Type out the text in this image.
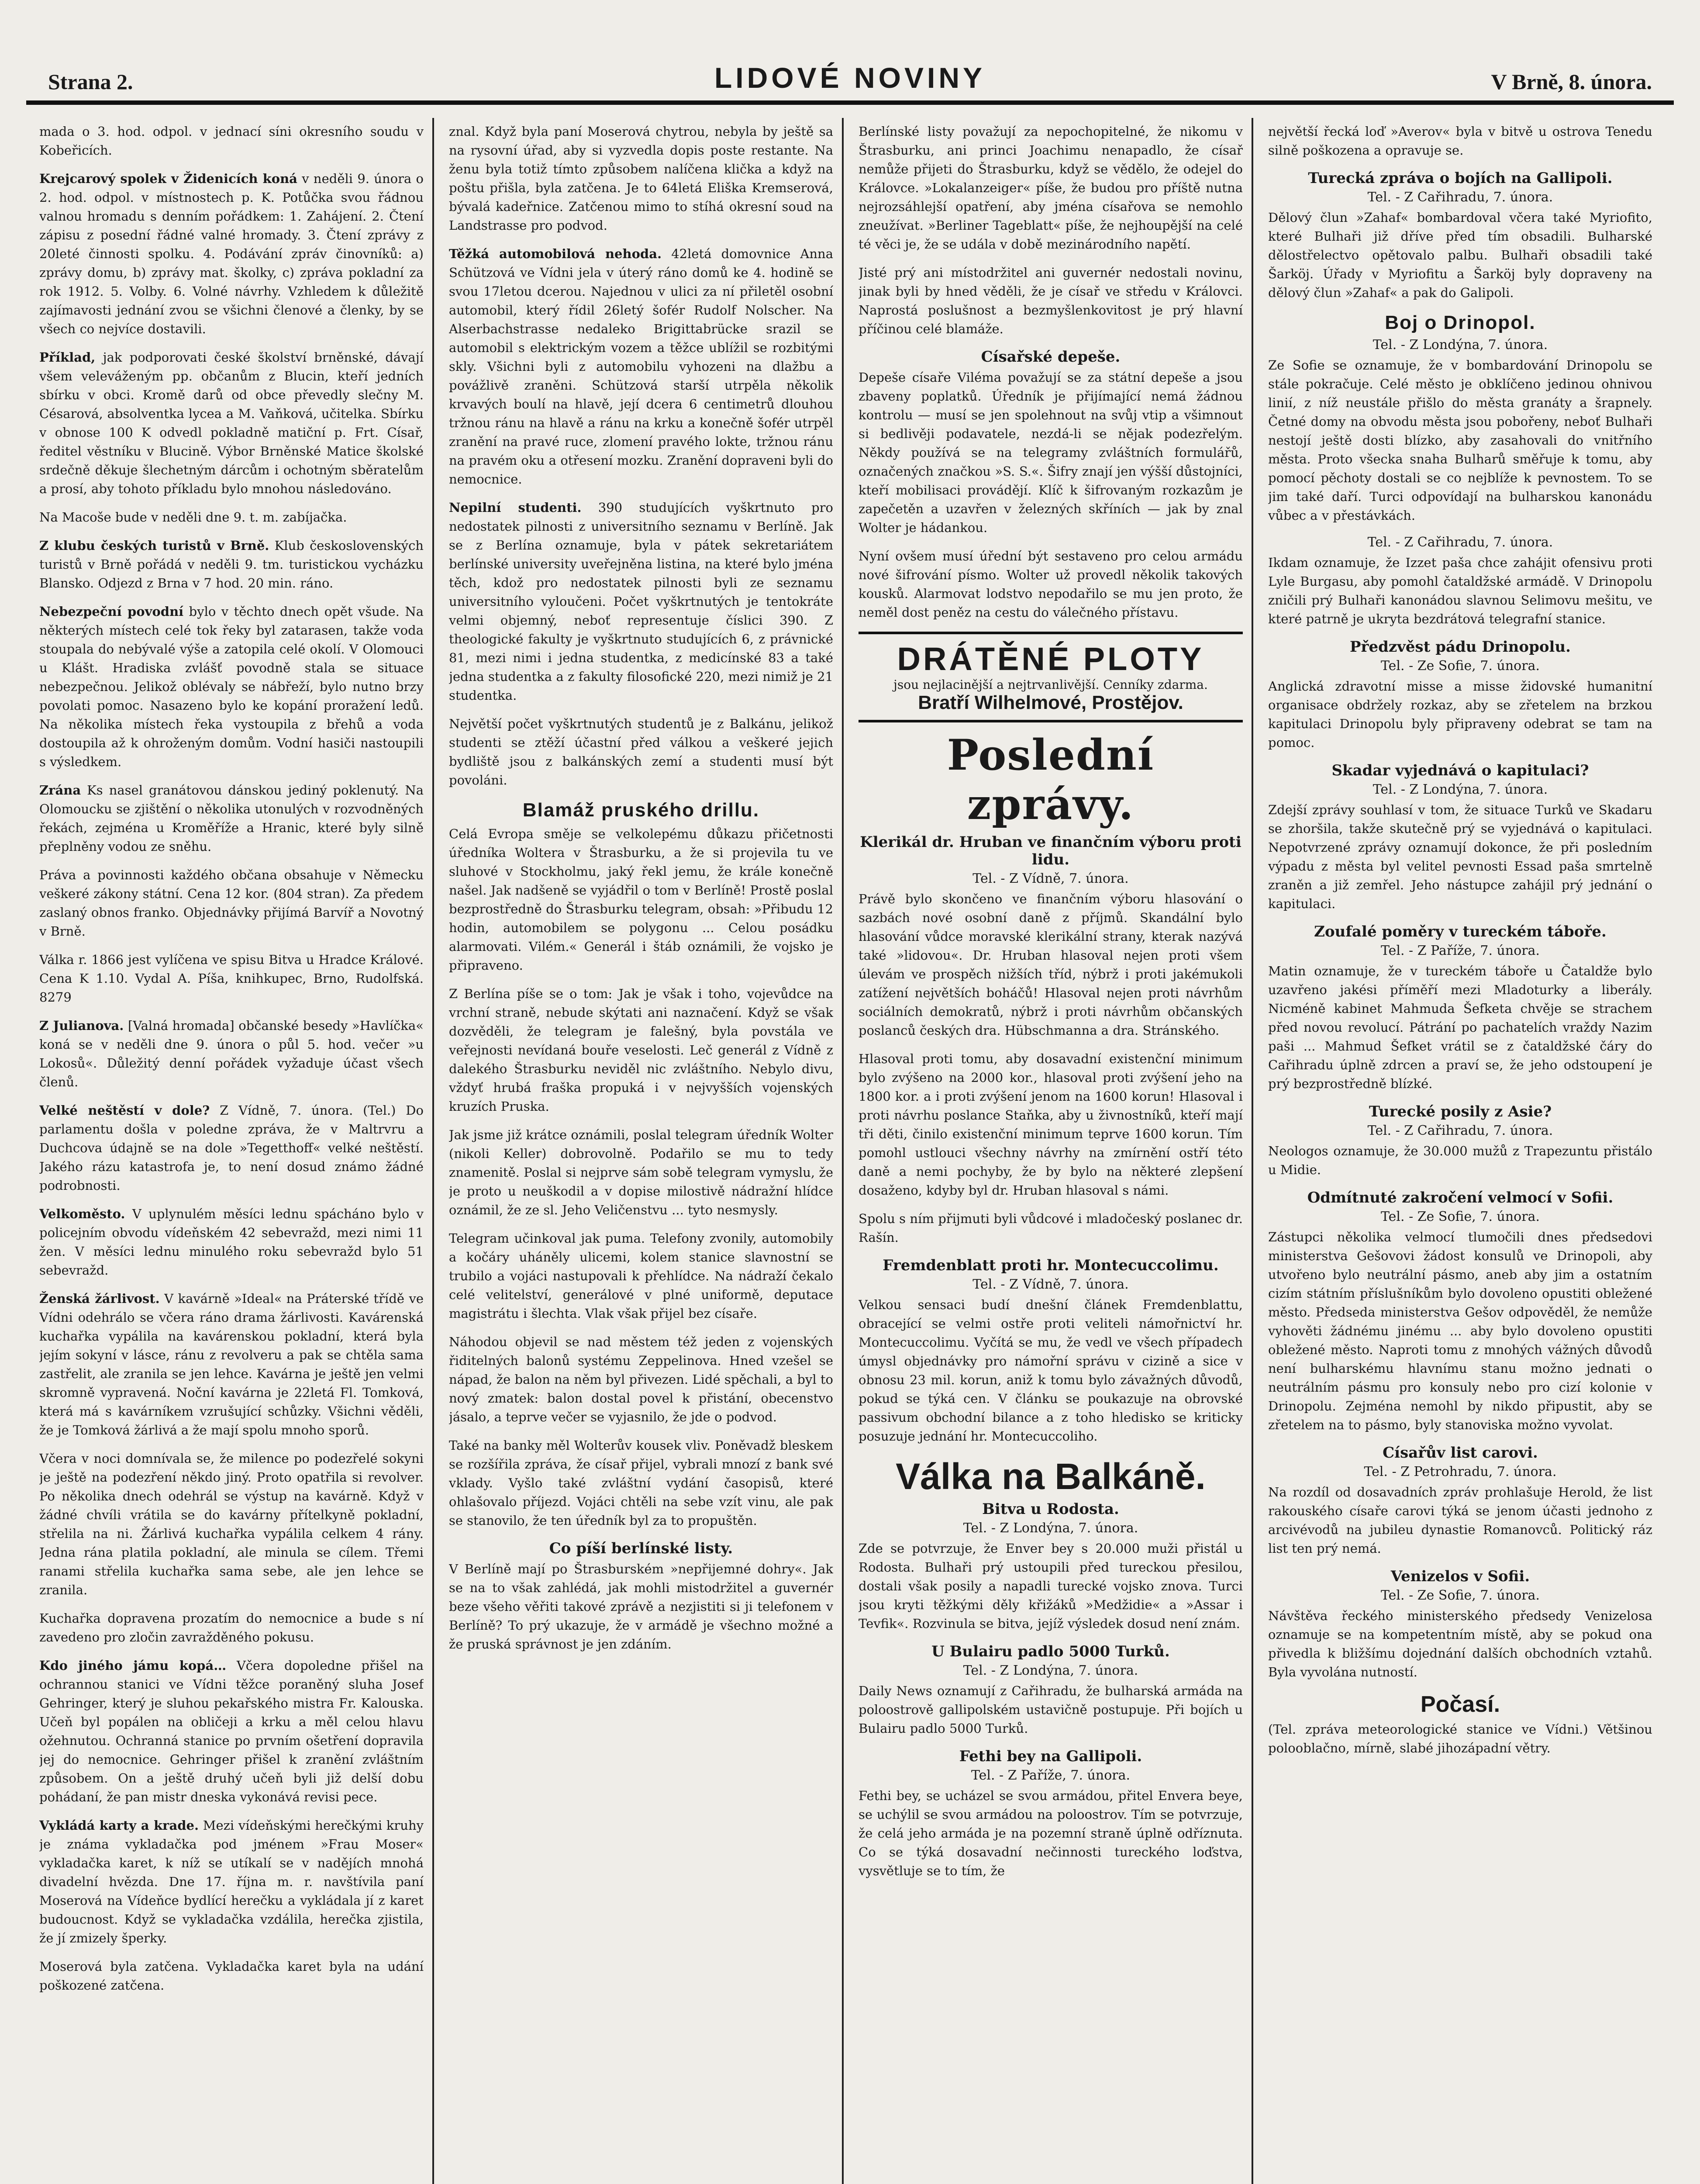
Strana 2.	LIDOVÉ NOVINY	V Brně, 8. února.

mada o 3. hod. odpol. v jednací síni okresního soudu v Kobeřicích.

Krejcarový spolek v Židenicích koná v neděli 9. února o 2. hod. odpol. v místnostech p. K. Potůčka svou řádnou valnou hromadu s denním pořádkem: 1. Zahájení. 2. Čtení zápisu z posední řádné valné hromady. 3. Čtení zprávy z 20leté činnosti spolku. 4. Podávání zpráv činovníků: a) zprávy domu, b) zprávy mat. školky, c) zpráva pokladní za rok 1912. 5. Volby. 6. Volné návrhy. Vzhledem k důležitě zajímavosti jednání zvou se všichni členové a členky, by se všech co nejvíce dostavili.

Příklad, jak podporovati české školství brněnské, dávají všem veleváženým pp. občanům z Blucin, kteří jedních sbírku v obci. Kromě darů od obce převedly slečny M. Césarová, absolventka lycea a M. Vaňková, učitelka. Sbírku v obnose 100 K odvedl pokladně matiční p. Frt. Císař, ředitel věstníku v Blucině. Výbor Brněnské Matice školské srdečně děkuje šlechetným dárcům i ochotným sběratelům a prosí, aby tohoto příkladu bylo mnohou následováno.

Na Macoše bude v neděli dne 9. t. m. zabíjačka.

Z klubu českých turistů v Brně. Klub československých turistů v Brně pořádá v neděli 9. tm. turistickou vycházku Blansko. Odjezd z Brna v 7 hod. 20 min. ráno.

Nebezpeční povodní bylo v těchto dnech opět všude. Na některých místech celé tok řeky byl zatarasen, takže voda stoupala do nebývalé výše a zatopila celé okolí. V Olomouci u Klášt. Hradiska zvlášť povodně stala se situace nebezpečnou. Jelikož oblévaly se nábřeží, bylo nutno brzy povolati pomoc. Nasazeno bylo ke kopání proražení ledů. Na několika místech řeka vystoupila z břehů a voda dostoupila až k ohroženým domům. Vodní hasiči nastoupili s výsledkem.

Zrána Ks nasel granátovou dánskou jediný poklenutý. Na Olomoucku se zjištění o několika utonulých v rozvodněných řekách, zejména u Kroměříže a Hranic, které byly silně přeplněny vodou ze sněhu.

Práva a povinnosti každého občana obsahuje v Německu veškeré zákony státní. Cena 12 kor. (804 stran). Za předem zaslaný obnos franko. Objednávky přijímá Barvíř a Novotný v Brně.

Válka r. 1866 jest vylíčena ve spisu Bitva u Hradce Králové. Cena K 1.10. Vydal A. Píša, knihkupec, Brno, Rudolfská. 8279

Z Julianova. [Valná hromada] občanské besedy »Havlíčka« koná se v neděli dne 9. února o půl 5. hod. večer »u Lokosů«. Důležitý denní pořádek vyžaduje účast všech členů.

Velké neštěstí v dole? Z Vídně, 7. února. (Tel.) Do parlamentu došla v poledne zpráva, že v Maltrvru a Duchcova údajně se na dole »Tegetthoff« velké neštěstí. Jakého rázu katastrofa je, to není dosud známo žádné podrobnosti.

Velkoměsto. V uplynulém měsíci lednu spácháno bylo v policejním obvodu vídeňském 42 sebevražd, mezi nimi 11 žen. V měsíci lednu minulého roku sebevražd bylo 51 sebevražd.

Ženská žárlivost. V kavárně »Ideal« na Práterské třídě ve Vídni odehrálo se včera ráno drama žárlivosti. Kavárenská kuchařka vypálila na kavárenskou pokladní, která byla jejím sokyní v lásce, ránu z revolveru a pak se chtěla sama zastřelit, ale zranila se jen lehce. Kavárna je ještě jen velmi skromně vypravená. Noční kavárna je 22letá Fl. Tomková, která má s kavárníkem vzrušující schůzky. Všichni věděli, že je Tomková žárlivá a že mají spolu mnoho sporů.

Včera v noci domnívala se, že milence po podezřelé sokyni je ještě na podezření někdo jiný. Proto opatřila si revolver. Po několika dnech odehrál se výstup na kavárně. Když v žádné chvíli vrátila se do kavárny přítelkyně pokladní, střelila na ni. Žárlivá kuchařka vypálila celkem 4 rány. Jedna rána platila pokladní, ale minula se cílem. Třemi ranami střelila kuchařka sama sebe, ale jen lehce se zranila.

Kuchařka dopravena prozatím do nemocnice a bude s ní zavedeno pro zločin zavražděného pokusu.

Kdo jiného jámu kopá… Včera dopoledne přišel na ochrannou stanici ve Vídni těžce poraněný sluha Josef Gehringer, který je sluhou pekařského mistra Fr. Kalouska. Učeň byl popálen na obličeji a krku a měl celou hlavu ožehnutou. Ochranná stanice po prvním ošetření dopravila jej do nemocnice. Gehringer přišel k zranění zvláštním způsobem. On a ještě druhý učeň byli již delší dobu pohádaní, že pan mistr dneska vykonává revisi pece.

Vykládá karty a krade. Mezi vídeňskými herečkými kruhy je známa vykladačka pod jménem »Frau Moser« vykladačka karet, k níž se utíkalí se v nadějích mnohá divadelní hvězda. Dne 17. října m. r. navštívila paní Moserová na Vídeňce bydlící herečku a vykládala jí z karet budoucnost. Když se vykladačka vzdálila, herečka zjistila, že jí zmizely šperky.

Moserová byla zatčena. Vykladačka karet byla na udání poškozené zatčena.

znal. Když byla paní Moserová chytrou, nebyla by ještě sa na rysovní úřad, aby si vyzvedla dopis poste restante. Na ženu byla totiž tímto způsobem nalíčena klička a když na poštu přišla, byla zatčena. Je to 64letá Eliška Kremserová, bývalá kadeřnice. Zatčenou mimo to stíhá okresní soud na Landstrasse pro podvod.

Těžká automobilová nehoda. 42letá domovnice Anna Schützová ve Vídni jela v úterý ráno domů ke 4. hodině se svou 17letou dcerou. Najednou v ulici za ní přiletěl osobní automobil, který řídil 26letý šofér Rudolf Nolscher. Na Alserbachstrasse nedaleko Brigittabrücke srazil se automobil s elektrickým vozem a těžce ublížil se rozbitými skly. Všichni byli z automobilu vyhozeni na dlažbu a povážlivě zraněni. Schützová starší utrpěla několik krvavých boulí na hlavě, její dcera 6 centimetrů dlouhou tržnou ránu na hlavě a ránu na krku a konečně šofér utrpěl zranění na pravé ruce, zlomení pravého lokte, tržnou ránu na pravém oku a otřesení mozku. Zranění dopraveni byli do nemocnice.

Nepilní studenti. 390 studujících vyškrtnuto pro nedostatek pilnosti z universitního seznamu v Berlíně. Jak se z Berlína oznamuje, byla v pátek sekretariátem berlínské university uveřejněna listina, na které bylo jména těch, kdož pro nedostatek pilnosti byli ze seznamu universitního vyloučeni. Počet vyškrtnutých je tentokráte velmi objemný, neboť representuje číslici 390. Z theologické fakulty je vyškrtnuto studujících 6, z právnické 81, mezi nimi i jedna studentka, z medicínské 83 a také jedna studentka a z fakulty filosofické 220, mezi nimiž je 21 studentka.

Největší počet vyškrtnutých studentů je z Balkánu, jelikož studenti se ztěží účastní před válkou a veškeré jejich bydliště jsou z balkánských zemí a studenti musí být povoláni.

Blamáž pruského drillu.

Celá Evropa směje se velkolepému důkazu přičetnosti úředníka Woltera v Štrasburku, a že si projevila tu ve sluhové v Stockholmu, jaký řekl jemu, že krále konečně našel. Jak nadšeně se vyjádřil o tom v Berlíně! Prostě poslal bezprostředně do Štrasburku telegram, obsah: »Přibudu 12 hodin, automobilem se polygonu ... Celou posádku alarmovati. Vilém.« Generál i štáb oznámili, že vojsko je připraveno.

Z Berlína píše se o tom: Jak je však i toho, vojevůdce na vrchní straně, nebude skýtati ani naznačení. Když se však dozvěděli, že telegram je falešný, byla povstála ve veřejnosti nevídaná bouře veselosti. Leč generál z Vídně z dalekého Štrasburku neviděl nic zvláštního. Nebylo divu, vždyť hrubá fraška propuká i v nejvyšších vojenských kruzích Pruska.

Jak jsme již krátce oznámili, poslal telegram úředník Wolter (nikoli Keller) dobrovolně. Podařilo se mu to tedy znamenitě. Poslal si nejprve sám sobě telegram vymyslu, že je proto u neuškodil a v dopise milostivě nádražní hlídce oznámil, že ze sl. Jeho Veličenstvu ... tyto nesmysly.

Telegram učinkoval jak puma. Telefony zvonily, automobily a kočáry uháněly ulicemi, kolem stanice slavnostní se trubilo a vojáci nastupovali k přehlídce. Na nádraží čekalo celé velitelství, generálové v plné uniformě, deputace magistrátu i šlechta. Vlak však přijel bez císaře.

Náhodou objevil se nad městem též jeden z vojenských řiditelných balonů systému Zeppelinova. Hned vzešel se nápad, že balon na něm byl přivezen. Lidé spěchali, a byl to nový zmatek: balon dostal povel k přistání, obecenstvo jásalo, a teprve večer se vyjasnilo, že jde o podvod.

Také na banky měl Wolterův kousek vliv. Poněvadž bleskem se rozšířila zpráva, že císař přijel, vybrali mnozí z bank své vklady. Vyšlo také zvláštní vydání časopisů, které ohlašovalo příjezd. Vojáci chtěli na sebe vzít vinu, ale pak se stanovilo, že ten úředník byl za to propuštěn.

Co píší berlínské listy.

V Berlíně mají po Štrasburském »nepřijemné dohry«. Jak se na to však zahlédá, jak mohli mistodržitel a guvernér beze všeho věřiti takové zprávě a nezjistiti si ji telefonem v Berlíně? To prý ukazuje, že v armádě je všechno možné a že pruská správnost je jen zdáním.

Berlínské listy považují za nepochopitelné, že nikomu v Štrasburku, ani princi Joachimu nenapadlo, že císař nemůže přijeti do Štrasburku, když se vědělo, že odejel do Královce. »Lokalanzeiger« píše, že budou pro příště nutna nejrozsáhlejší opatření, aby jména císařova se nemohlo zneužívat. »Berliner Tageblatt« píše, že nejhoupější na celé té věci je, že se udála v době mezinárodního napětí.

Jisté prý ani místodržitel ani guvernér nedostali novinu, jinak byli by hned věděli, že je císař ve středu v Královci. Naprostá poslušnost a bezmyšlenkovitost je prý hlavní příčinou celé blamáže.

Císařské depeše.

Depeše císaře Viléma považují se za státní depeše a jsou zbaveny poplatků. Úředník je přijímající nemá žádnou kontrolu — musí se jen spolehnout na svůj vtip a všimnout si bedlivěji podavatele, nezdá-li se nějak podezřelým. Někdy používá se na telegramy zvláštních formulářů, označených značkou »S. S.«. Šifry znají jen výšší důstojníci, kteří mobilisaci provádějí. Klíč k šifrovaným rozkazům je zapečetěn a uzavřen v železných skříních — jak by znal Wolter je hádankou.

Nyní ovšem musí úřední být sestaveno pro celou armádu nové šifrování písmo. Wolter už provedl několik takových kousků. Alarmovat lodstvo nepodařilo se mu jen proto, že neměl dost peněz na cestu do válečného přístavu.

DRÁTĚNÉ PLOTY
jsou nejlacinější a nejtrvanlivější. Cenníky zdarma.
Bratří Wilhelmové, Prostějov.
Poslední zprávy.
Klerikál dr. Hruban ve finančním výboru proti lidu.
Tel. - Z Vídně, 7. února.

Právě bylo skončeno ve finančním výboru hlasování o sazbách nové osobní daně z příjmů. Skandální bylo hlasování vůdce moravské klerikální strany, kterak nazývá také »lidovou«. Dr. Hruban hlasoval nejen proti všem úlevám ve prospěch nižších tříd, nýbrž i proti jakémukoli zatížení největších boháčů! Hlasoval nejen proti návrhům sociálních demokratů, nýbrž i proti návrhům občanských poslanců českých dra. Hübschmanna a dra. Stránského.

Hlasoval proti tomu, aby dosavadní existenční minimum bylo zvýšeno na 2000 kor., hlasoval proti zvýšení jeho na 1800 kor. a i proti zvýšení jenom na 1600 korun! Hlasoval i proti návrhu poslance Staňka, aby u živnostníků, kteří mají tři děti, činilo existenční minimum teprve 1600 korun. Tím pomohl ustlouci všechny návrhy na zmírnění ostří této daně a nemi pochyby, že by bylo na některé zlepšení dosaženo, kdyby byl dr. Hruban hlasoval s námi.

Spolu s ním přijmuti byli vůdcové i mladočeský poslanec dr. Rašín.

Fremdenblatt proti hr. Montecuccolimu.
Tel. - Z Vídně, 7. února.

Velkou sensaci budí dnešní článek Fremdenblattu, obracející se velmi ostře proti veliteli námořnictví hr. Montecuccolimu. Vyčítá se mu, že vedl ve všech případech úmysl objednávky pro námořní správu v cizině a sice v obnosu 23 mil. korun, aniž k tomu bylo závažných důvodů, pokud se týká cen. V článku se poukazuje na obrovské passivum obchodní bilance a z toho hledisko se kriticky posuzuje jednání hr. Montecuccoliho.

Válka na Balkáně.
Bitva u Rodosta.
Tel. - Z Londýna, 7. února.

Zde se potvrzuje, že Enver bey s 20.000 muži přistál u Rodosta. Bulhaři prý ustoupili před tureckou přesilou, dostali však posily a napadli turecké vojsko znova. Turci jsou kryti těžkými děly křižáků »Medžidie« a »Assar i Tevfik«. Rozvinula se bitva, jejíž výsledek dosud není znám.

U Bulairu padlo 5000 Turků.
Tel. - Z Londýna, 7. února.

Daily News oznamují z Cařihradu, že bulharská armáda na poloostrově gallipolském ustavičně postupuje. Při bojích u Bulairu padlo 5000 Turků.

Fethi bey na Gallipoli.
Tel. - Z Paříže, 7. února.

Fethi bey, se ucházel se svou armádou, přitel Envera beye, se uchýlil se svou armádou na poloostrov. Tím se potvrzuje, že celá jeho armáda je na pozemní straně úplně odříznuta. Co se týká dosavadní nečinnosti tureckého loďstva, vysvětluje se to tím, že

největší řecká loď »Averov« byla v bitvě u ostrova Tenedu silně poškozena a opravuje se.

Turecká zpráva o bojích na Gallipoli.
Tel. - Z Cařihradu, 7. února.

Dělový člun »Zahaf« bombardoval včera také Myriofito, které Bulhaři již dříve před tím obsadili. Bulharské dělostřelectvo opětovalo palbu. Bulhaři obsadili také Šarköj. Úřady v Myriofitu a Šarköj byly dopraveny na dělový člun »Zahaf« a pak do Galipoli.

Boj o Drinopol.
Tel. - Z Londýna, 7. února.

Ze Sofie se oznamuje, že v bombardování Drinopolu se stále pokračuje. Celé město je obklíčeno jedinou ohnivou linií, z níž neustále přišlo do města granáty a šrapnely. Četné domy na obvodu města jsou pobořeny, neboť Bulhaři nestojí ještě dosti blízko, aby zasahovali do vnitřního města. Proto všecka snaha Bulharů směřuje k tomu, aby pomocí pěchoty dostali se co nejblíže k pevnostem. To se jim také daří. Turci odpovídají na bulharskou kanonádu vůbec a v přestávkách.

Tel. - Z Cařihradu, 7. února.

Ikdam oznamuje, že Izzet paša chce zahájit ofensivu proti Lyle Burgasu, aby pomohl čataldžské armádě. V Drinopolu zničili prý Bulhaři kanonádou slavnou Selimovu mešitu, ve které patrně je ukryta bezdrátová telegrafní stanice.

Předzvěst pádu Drinopolu.
Tel. - Ze Sofie, 7. února.

Anglická zdravotní misse a misse židovské humanitní organisace obdržely rozkaz, aby se zřetelem na brzkou kapitulaci Drinopolu byly připraveny odebrat se tam na pomoc.

Skadar vyjednává o kapitulaci?
Tel. - Z Londýna, 7. února.

Zdejší zprávy souhlasí v tom, že situace Turků ve Skadaru se zhoršila, takže skutečně prý se vyjednává o kapitulaci. Nepotvrzené zprávy oznamují dokonce, že při posledním výpadu z města byl velitel pevnosti Essad paša smrtelně zraněn a již zemřel. Jeho nástupce zahájil prý jednání o kapitulaci.

Zoufalé poměry v tureckém táboře.
Tel. - Z Paříže, 7. února.

Matin oznamuje, že v tureckém táboře u Čataldže bylo uzavřeno jakési příměří mezi Mladoturky a liberály. Nicméně kabinet Mahmuda Šefketa chvěje se strachem před novou revolucí. Pátrání po pachatelích vraždy Nazim paši ... Mahmud Šefket vrátil se z čataldžské čáry do Cařihradu úplně zdrcen a praví se, že jeho odstoupení je prý bezprostředně blízké.

Turecké posily z Asie?
Tel. - Z Cařihradu, 7. února.

Neologos oznamuje, že 30.000 mužů z Trapezuntu přistálo u Midie.

Odmítnuté zakročení velmocí v Sofii.
Tel. - Ze Sofie, 7. února.

Zástupci několika velmocí tlumočili dnes předsedovi ministerstva Gešovovi žádost konsulů ve Drinopoli, aby utvořeno bylo neutrální pásmo, aneb aby jim a ostatním cizím státním příslušníkům bylo dovoleno opustiti obležené město. Předseda ministerstva Gešov odpověděl, že nemůže vyhověti žádnému jinému ... aby bylo dovoleno opustiti obležené město. Naproti tomu z mnohých vážných důvodů není bulharskému hlavnímu stanu možno jednati o neutrálním pásmu pro konsuly nebo pro cizí kolonie v Drinopolu. Zejména nemohl by nikdo připustit, aby se zřetelem na to pásmo, byly stanoviska možno vyvolat.

Císařův list carovi.
Tel. - Z Petrohradu, 7. února.

Na rozdíl od dosavadních zpráv prohlašuje Herold, že list rakouského císaře carovi týká se jenom účasti jednoho z arcivévodů na jubileu dynastie Romanovců. Politický ráz list ten prý nemá.

Venizelos v Sofii.
Tel. - Ze Sofie, 7. února.

Návštěva řeckého ministerského předsedy Venizelosa oznamuje se na kompetentním místě, aby se pokud ona přivedla k bližšímu dojednání dalších obchodních vztahů. Byla vyvolána nutností.

Počasí.

(Tel. zpráva meteorologické stanice ve Vídni.) Většinou polooblačno, mírně, slabé jihozápadní větry.
